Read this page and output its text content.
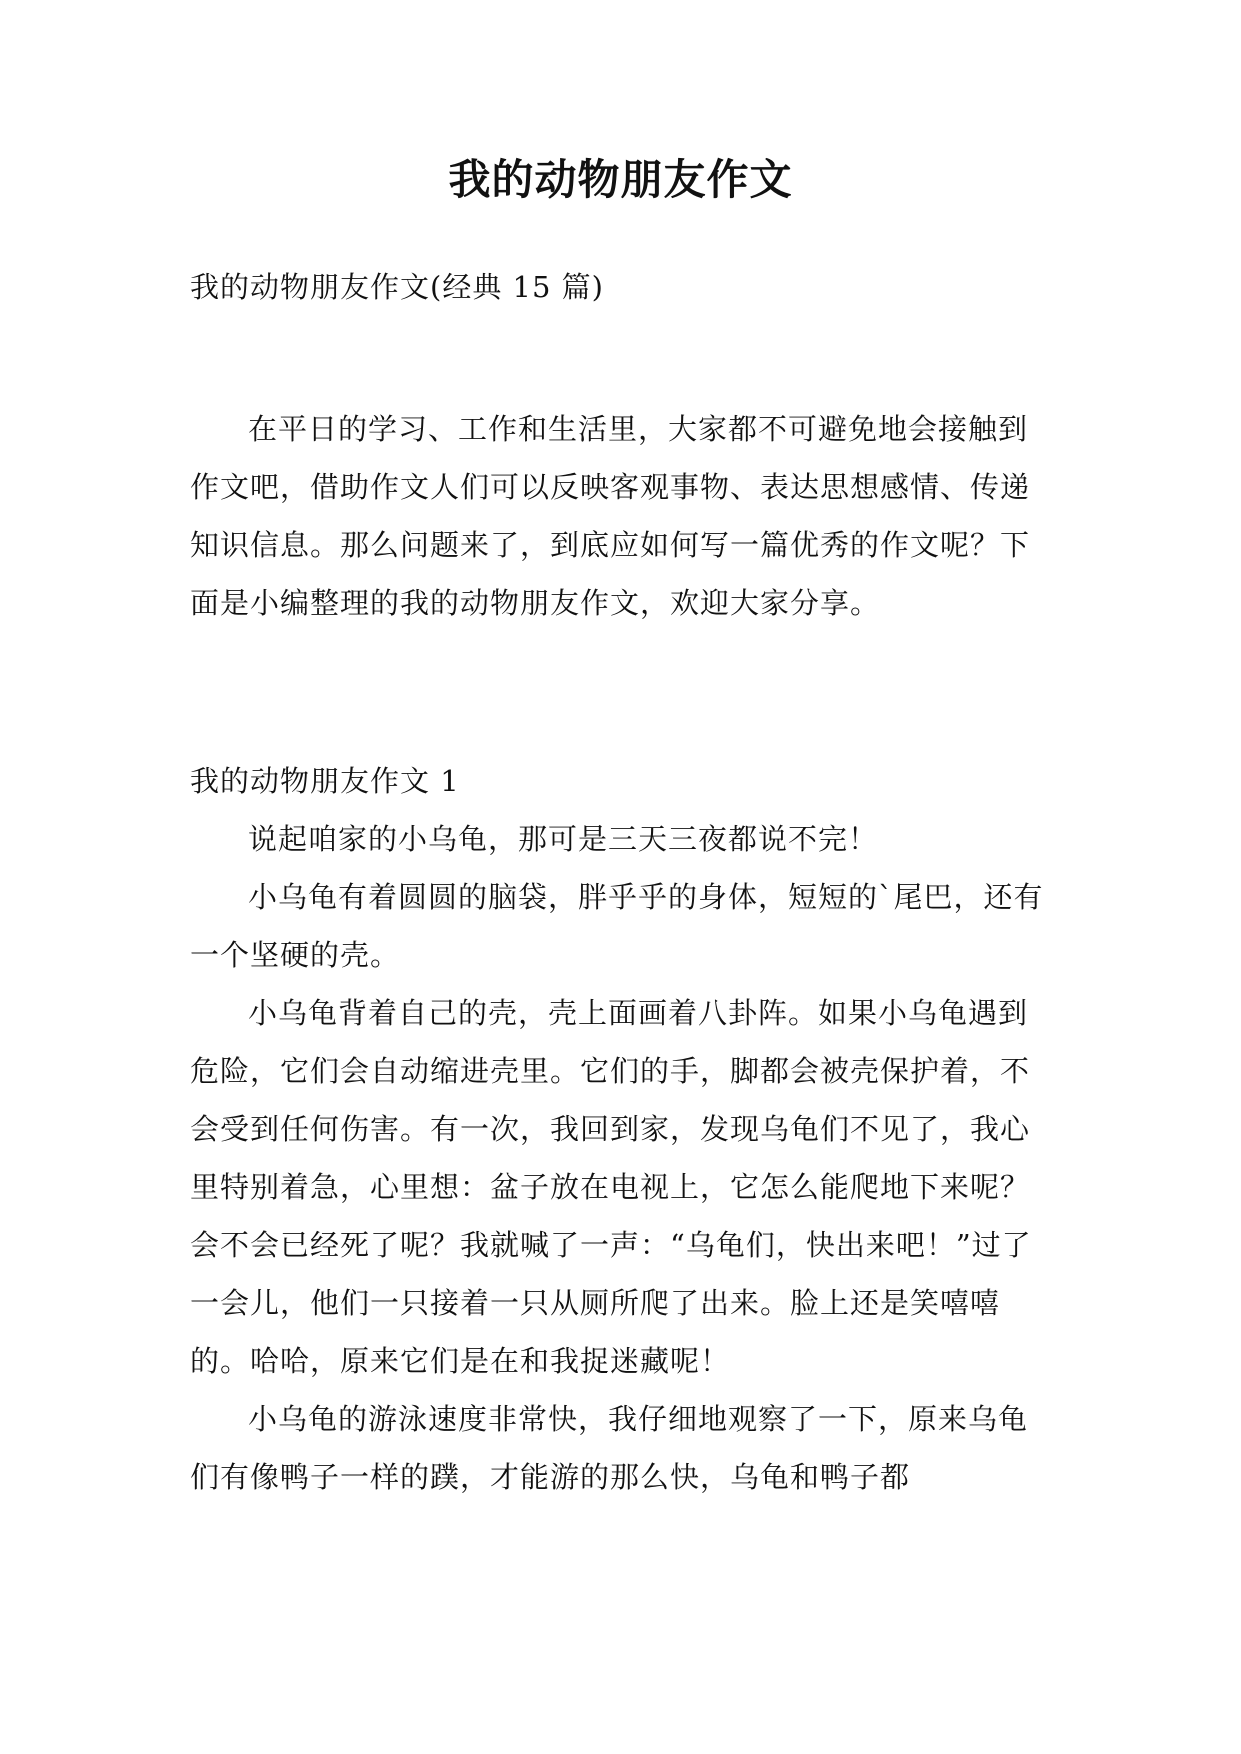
我的动物朋友作文

我的动物朋友作文(经典 15 篇)

在平日的学习、工作和生活里，大家都不可避免地会接触到作文吧，借助作文人们可以反映客观事物、表达思想感情、传递知识信息。那么问题来了，到底应如何写一篇优秀的作文呢？下面是小编整理的我的动物朋友作文，欢迎大家分享。

我的动物朋友作文 1

说起咱家的小乌龟，那可是三天三夜都说不完！

小乌龟有着圆圆的脑袋，胖乎乎的身体，短短的`尾巴，还有一个坚硬的壳。

小乌龟背着自己的壳，壳上面画着八卦阵。如果小乌龟遇到危险，它们会自动缩进壳里。它们的手，脚都会被壳保护着，不会受到任何伤害。有一次，我回到家，发现乌龟们不见了，我心里特别着急，心里想：盆子放在电视上，它怎么能爬地下来呢？会不会已经死了呢？我就喊了一声：“乌龟们，快出来吧！”过了一会儿，他们一只接着一只从厕所爬了出来。脸上还是笑嘻嘻的。哈哈，原来它们是在和我捉迷藏呢！

小乌龟的游泳速度非常快，我仔细地观察了一下，原来乌龟们有像鸭子一样的蹼，才能游的那么快，乌龟和鸭子都
